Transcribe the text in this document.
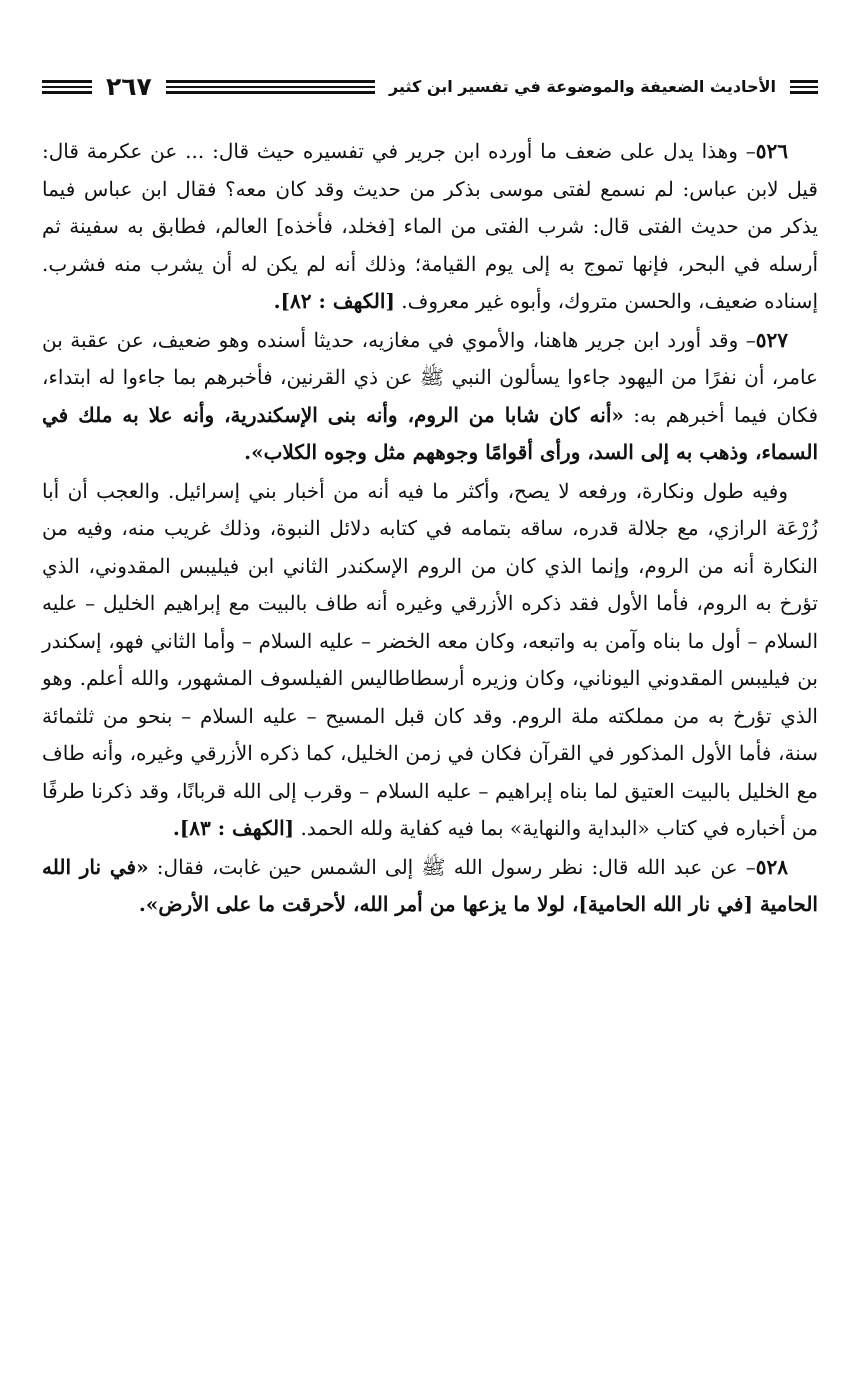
٢٦٧	الأحاديث الضعيفة والموضوعة في تفسير ابن كثير

٥٢٦– وهذا يدل على ضعف ما أورده ابن جرير في تفسيره حيث قال: ... عن عكرمة قال: قيل لابن عباس: لم نسمع لفتى موسى بذكر من حديث وقد كان معه؟ فقال ابن عباس فيما يذكر من حديث الفتى قال: شرب الفتى من الماء [فخلد، فأخذه] العالم، فطابق به سفينة ثم أرسله في البحر، فإنها تموج به إلى يوم القيامة؛ وذلك أنه لم يكن له أن يشرب منه فشرب. إسناده ضعيف، والحسن متروك، وأبوه غير معروف. [الكهف : ٨٢].

٥٢٧– وقد أورد ابن جرير هاهنا، والأموي في مغازيه، حديثا أسنده وهو ضعيف، عن عقبة بن عامر، أن نفرًا من اليهود جاءوا يسألون النبي ﷺ عن ذي القرنين، فأخبرهم بما جاءوا له ابتداء، فكان فيما أخبرهم به: «أنه كان شابا من الروم، وأنه بنى الإسكندرية، وأنه علا به ملك في السماء، وذهب به إلى السد، ورأى أقوامًا وجوههم مثل وجوه الكلاب».

وفيه طول ونكارة، ورفعه لا يصح، وأكثر ما فيه أنه من أخبار بني إسرائيل. والعجب أن أبا زُرْعَة الرازي، مع جلالة قدره، ساقه بتمامه في كتابه دلائل النبوة، وذلك غريب منه، وفيه من النكارة أنه من الروم، وإنما الذي كان من الروم الإسكندر الثاني ابن فيليبس المقدوني، الذي تؤرخ به الروم، فأما الأول فقد ذكره الأزرقي وغيره أنه طاف بالبيت مع إبراهيم الخليل – عليه السلام – أول ما بناه وآمن به واتبعه، وكان معه الخضر – عليه السلام – وأما الثاني فهو، إسكندر بن فيليبس المقدوني اليوناني، وكان وزيره أرسطاطاليس الفيلسوف المشهور، والله أعلم. وهو الذي تؤرخ به من مملكته ملة الروم. وقد كان قبل المسيح – عليه السلام – بنحو من ثلثمائة سنة، فأما الأول المذكور في القرآن فكان في زمن الخليل، كما ذكره الأزرقي وغيره، وأنه طاف مع الخليل بالبيت العتيق لما بناه إبراهيم – عليه السلام – وقرب إلى الله قربانًا، وقد ذكرنا طرفًا من أخباره في كتاب «البداية والنهاية» بما فيه كفاية ولله الحمد. [الكهف : ٨٣].

٥٢٨– عن عبد الله قال: نظر رسول الله ﷺ إلى الشمس حين غابت، فقال: «في نار الله الحامية [في نار الله الحامية]، لولا ما يزعها من أمر الله، لأحرقت ما على الأرض».
